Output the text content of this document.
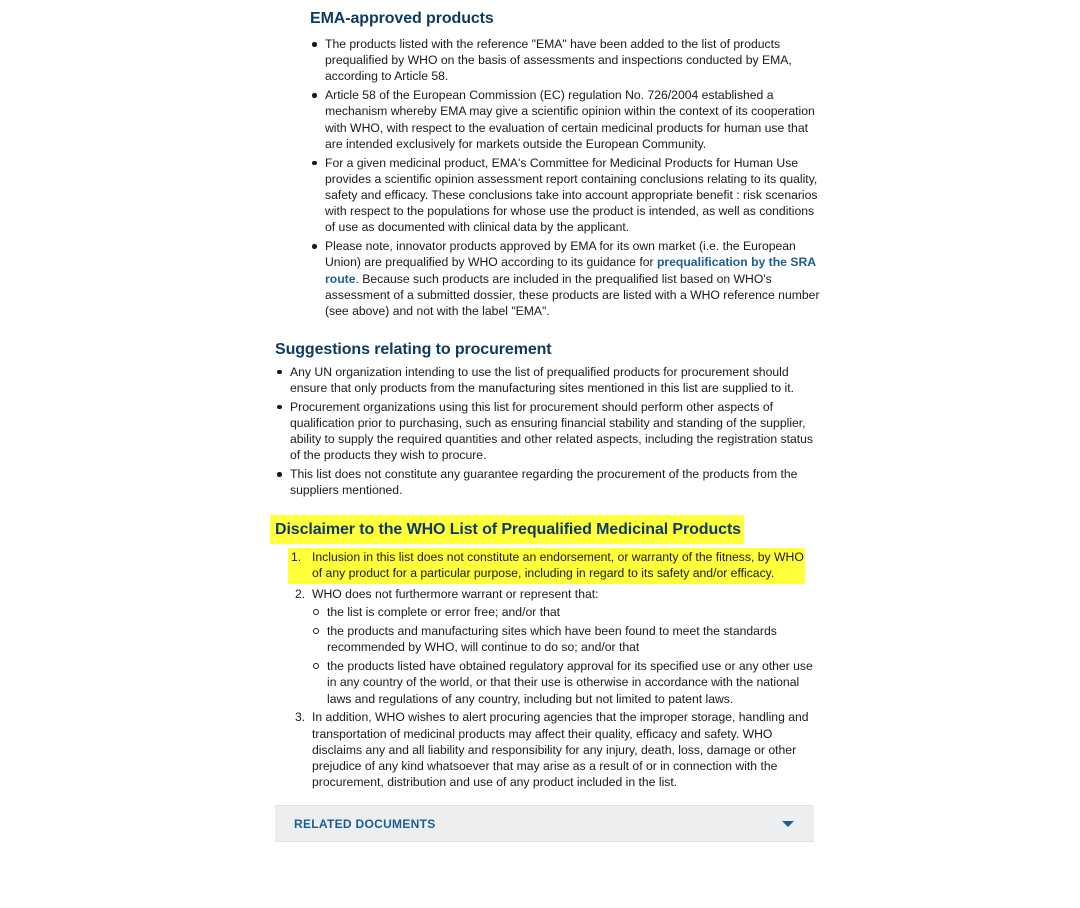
EMA-approved products
The products listed with the reference "EMA" have been added to the list of products prequalified by WHO on the basis of assessments and inspections conducted by EMA, according to Article 58.
Article 58 of the European Commission (EC) regulation No. 726/2004 established a mechanism whereby EMA may give a scientific opinion within the context of its cooperation with WHO, with respect to the evaluation of certain medicinal products for human use that are intended exclusively for markets outside the European Community.
For a given medicinal product, EMA's Committee for Medicinal Products for Human Use provides a scientific opinion assessment report containing conclusions relating to its quality, safety and efficacy. These conclusions take into account appropriate benefit : risk scenarios with respect to the populations for whose use the product is intended, as well as conditions of use as documented with clinical data by the applicant.
Please note, innovator products approved by EMA for its own market (i.e. the European Union) are prequalified by WHO according to its guidance for prequalification by the SRA route. Because such products are included in the prequalified list based on WHO's assessment of a submitted dossier, these products are listed with a WHO reference number (see above) and not with the label "EMA".
Suggestions relating to procurement
Any UN organization intending to use the list of prequalified products for procurement should ensure that only products from the manufacturing sites mentioned in this list are supplied to it.
Procurement organizations using this list for procurement should perform other aspects of qualification prior to purchasing, such as ensuring financial stability and standing of the supplier, ability to supply the required quantities and other related aspects, including the registration status of the products they wish to procure.
This list does not constitute any guarantee regarding the procurement of the products from the suppliers mentioned.
Disclaimer to the WHO List of Prequalified Medicinal Products
1. Inclusion in this list does not constitute an endorsement, or warranty of the fitness, by WHO of any product for a particular purpose, including in regard to its safety and/or efficacy.
2. WHO does not furthermore warrant or represent that:
the list is complete or error free; and/or that
the products and manufacturing sites which have been found to meet the standards recommended by WHO, will continue to do so; and/or that
the products listed have obtained regulatory approval for its specified use or any other use in any country of the world, or that their use is otherwise in accordance with the national laws and regulations of any country, including but not limited to patent laws.
3. In addition, WHO wishes to alert procuring agencies that the improper storage, handling and transportation of medicinal products may affect their quality, efficacy and safety. WHO disclaims any and all liability and responsibility for any injury, death, loss, damage or other prejudice of any kind whatsoever that may arise as a result of or in connection with the procurement, distribution and use of any product included in the list.
RELATED DOCUMENTS
